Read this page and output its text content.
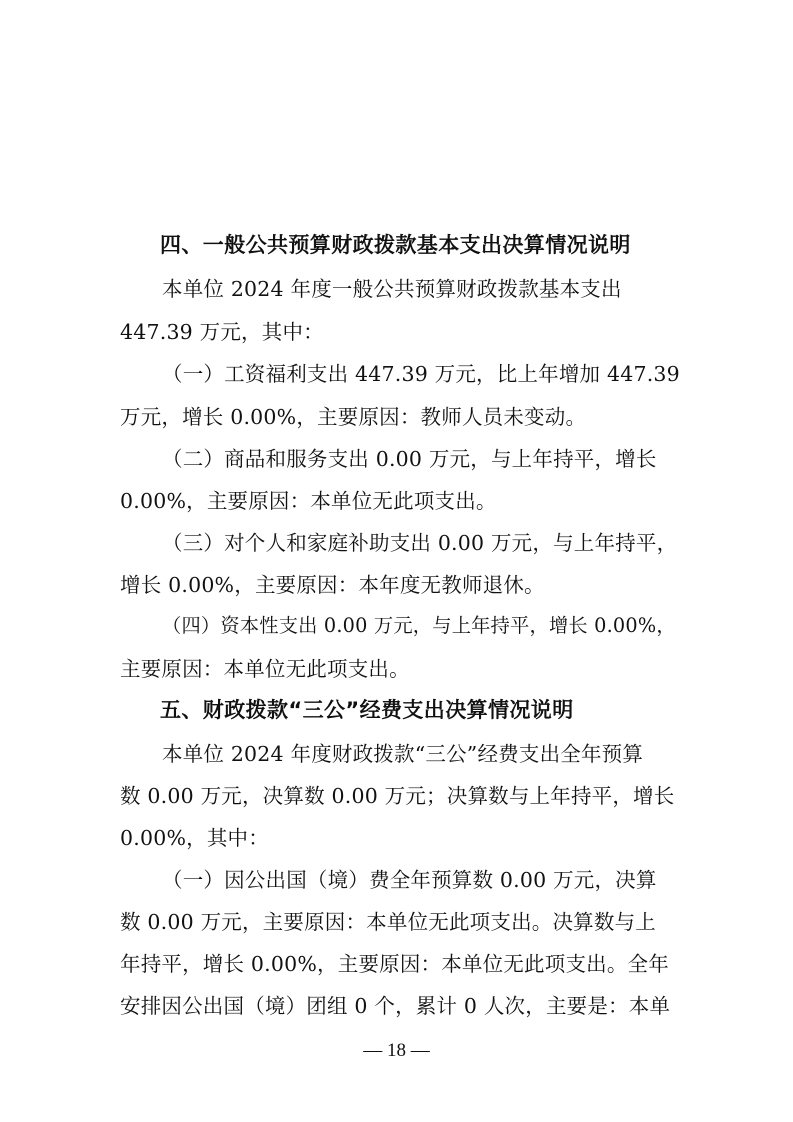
四、一般公共预算财政拨款基本支出决算情况说明
本单位 2024 年度一般公共预算财政拨款基本支出
447.39 万元，其中：
（一）工资福利支出 447.39 万元，比上年增加 447.39
万元，增长 0.00%，主要原因：教师人员未变动。
（二）商品和服务支出 0.00 万元，与上年持平，增长
0.00%，主要原因：本单位无此项支出。
（三）对个人和家庭补助支出 0.00 万元，与上年持平，
增长 0.00%，主要原因：本年度无教师退休。
（四）资本性支出 0.00 万元，与上年持平，增长 0.00%，
主要原因：本单位无此项支出。
五、财政拨款“三公”经费支出决算情况说明
本单位 2024 年度财政拨款“三公”经费支出全年预算
数 0.00 万元，决算数 0.00 万元；决算数与上年持平，增长
0.00%，其中：
（一）因公出国（境）费全年预算数 0.00 万元，决算
数 0.00 万元，主要原因：本单位无此项支出。决算数与上
年持平，增长 0.00%，主要原因：本单位无此项支出。全年
安排因公出国（境）团组 0 个，累计 0 人次，主要是：本单
— 18 —
